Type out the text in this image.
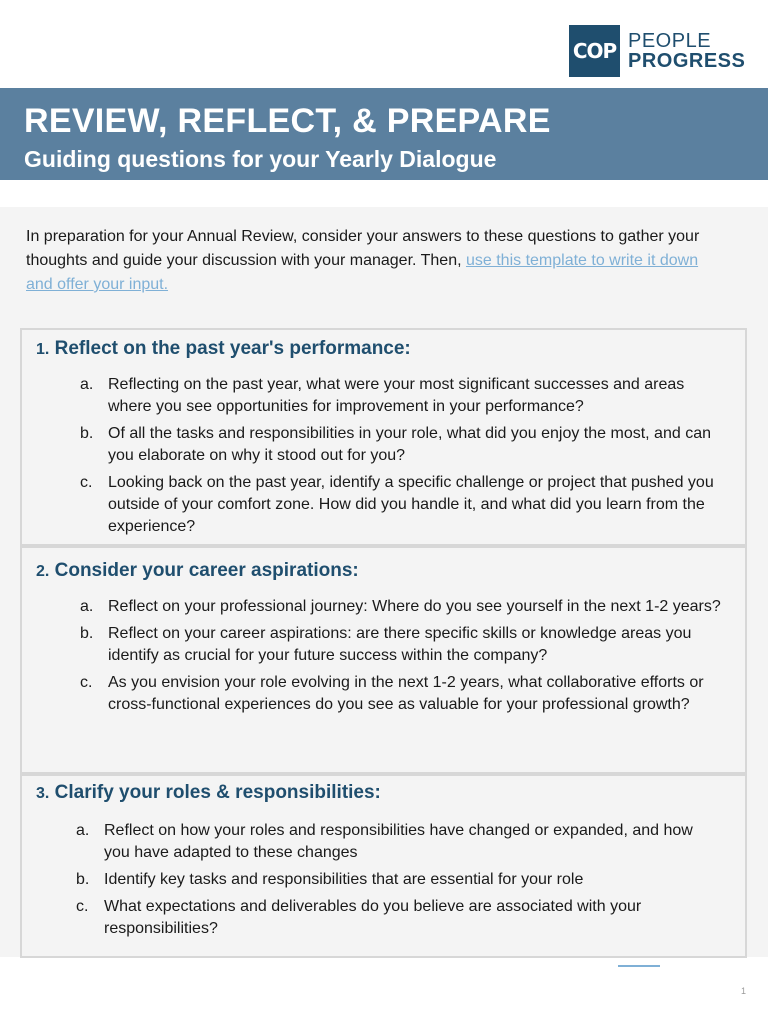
COP PEOPLE
PROGRESS
REVIEW, REFLECT, & PREPARE
Guiding questions for your Yearly Dialogue
In preparation for your Annual Review, consider your answers to these questions to gather your thoughts and guide your discussion with your manager. Then, use this template to write it down and offer your input.
1. Reflect on the past year's performance:
a. Reflecting on the past year, what were your most significant successes and areas where you see opportunities for improvement in your performance?
b. Of all the tasks and responsibilities in your role, what did you enjoy the most, and can you elaborate on why it stood out for you?
c. Looking back on the past year, identify a specific challenge or project that pushed you outside of your comfort zone. How did you handle it, and what did you learn from the experience?
2. Consider your career aspirations:
a. Reflect on your professional journey: Where do you see yourself in the next 1-2 years?
b. Reflect on your career aspirations: are there specific skills or knowledge areas you identify as crucial for your future success within the company?
c. As you envision your role evolving in the next 1-2 years, what collaborative efforts or cross-functional experiences do you see as valuable for your professional growth?
3. Clarify your roles & responsibilities:
a. Reflect on how your roles and responsibilities have changed or expanded, and how you have adapted to these changes
b. Identify key tasks and responsibilities that are essential for your role
c. What expectations and deliverables do you believe are associated with your responsibilities?
1
